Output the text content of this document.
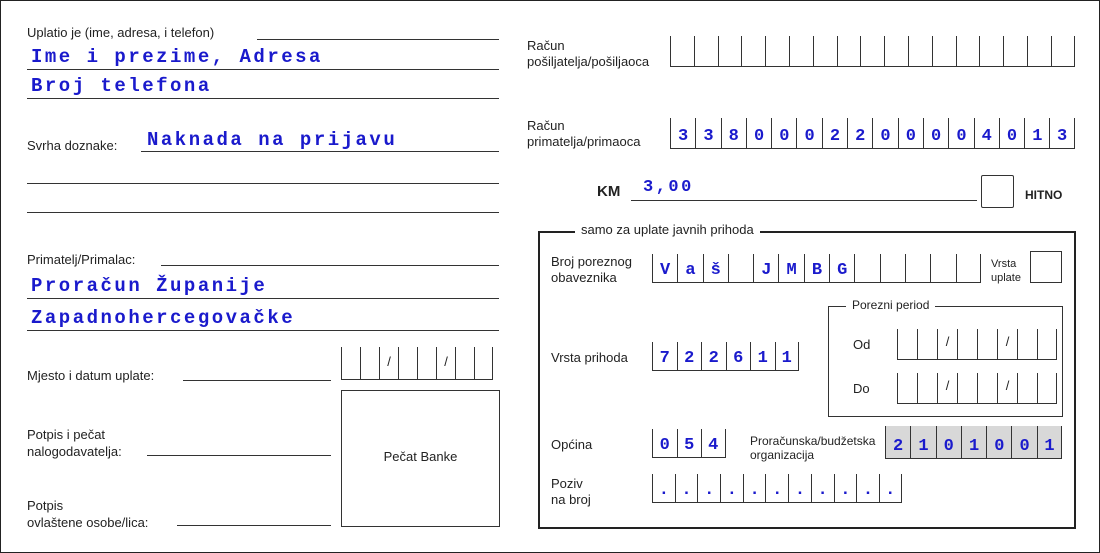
Uplatio je (ime, adresa, i telefon)
Ime i prezime, Adresa
Broj telefona
Svrha doznake: Naknada na prijavu
Primatelj/Primalac:
Proračun Županije
Zapadnohercegovačke
Mjesto i datum uplate:
/	/
Potpis i pečat
nalogodavatelja:
Potpis
ovlaštene osobe/lica:
Pečat Banke
Račun
pošiljatelja/pošiljaoca
Račun
primatelja/primaoca	3 3 8 0 0 0 2 2 0 0 0 0 4 0 1 3
KM 3,00	HITNO
samo za uplate javnih prihoda
Broj poreznog
obaveznika	V a š	J M B G	Vrsta
uplate
Porezni period
Od	/	/
Do	/	/
Vrsta prihoda	7 2 2 6 1 1
Općina	0 5 4	Proračunska/budžetska
organizacija	2 1 0 1 0 0 1
Poziv
na broj	. . . . . . . . . . .
